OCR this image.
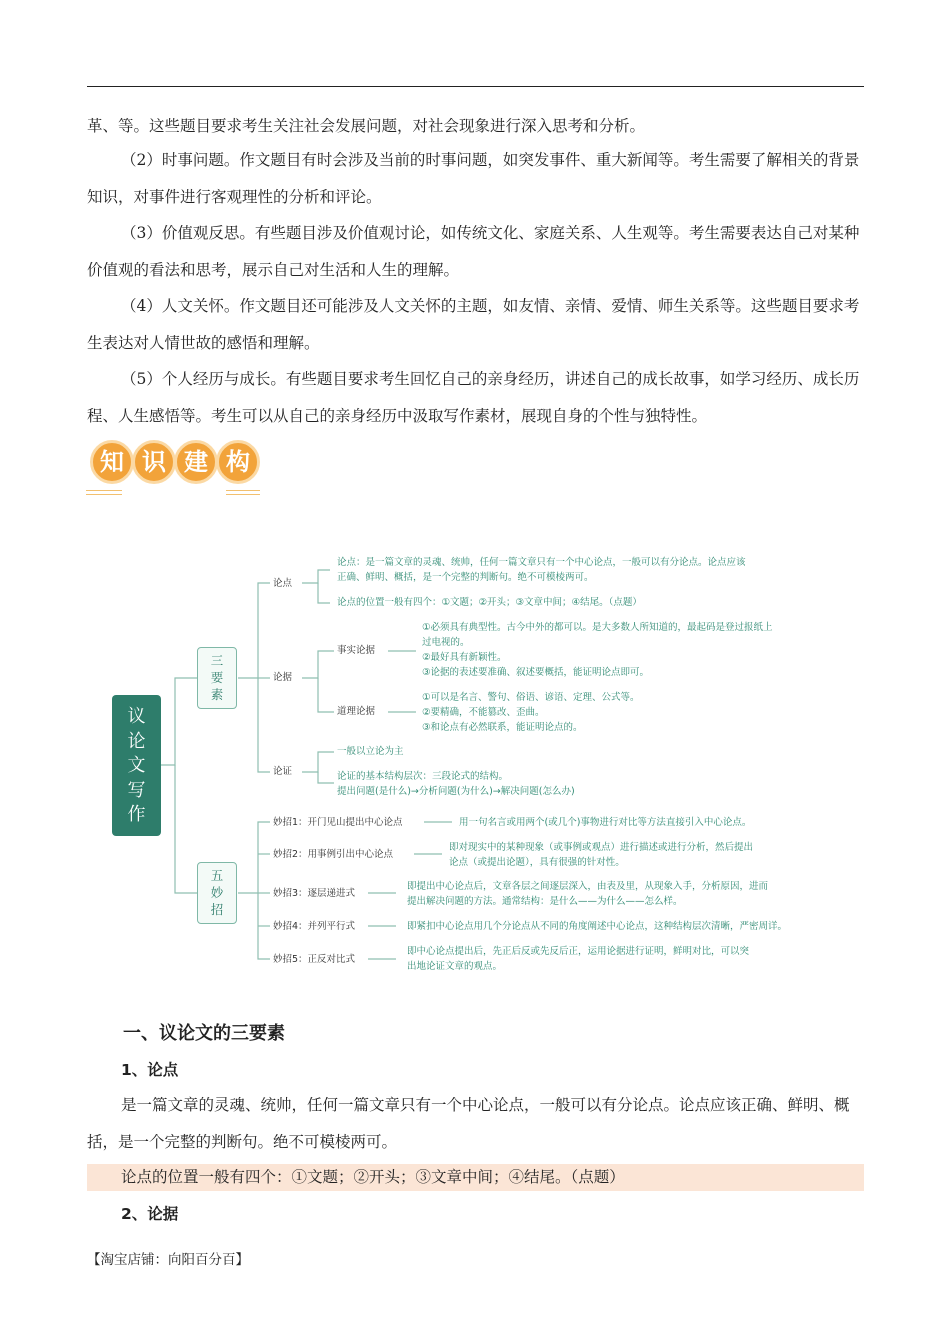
革、等。这些题目要求考生关注社会发展问题，对社会现象进行深入思考和分析。

（2）时事问题。作文题目有时会涉及当前的时事问题，如突发事件、重大新闻等。考生需要了解相关的背景知识，对事件进行客观理性的分析和评论。

（3）价值观反思。有些题目涉及价值观讨论，如传统文化、家庭关系、人生观等。考生需要表达自己对某种价值观的看法和思考，展示自己对生活和人生的理解。

（4）人文关怀。作文题目还可能涉及人文关怀的主题，如友情、亲情、爱情、师生关系等。这些题目要求考生表达对人情世故的感悟和理解。

（5）个人经历与成长。有些题目要求考生回忆自己的亲身经历，讲述自己的成长故事，如学习经历、成长历程、人生感悟等。考生可以从自己的亲身经历中汲取写作素材，展现自身的个性与独特性。

知 识 建 构
议
论
文
写
作
三
要
素
五
妙
招
论点
论据
论证
事实论据
道理论据
妙招1：开门见山提出中心论点
妙招2：用事例引出中心论点
妙招3：逐层递进式
妙招4：并列平行式
妙招5：正反对比式
论点：是一篇文章的灵魂、统帅，任何一篇文章只有一个中心论点，一般可以有分论点。论点应该
正确、鲜明、概括，是一个完整的判断句。绝不可模棱两可。
论点的位置一般有四个：①文题；②开头；③文章中间；④结尾。（点题）
①必须具有典型性。古今中外的都可以。是大多数人所知道的，最起码是登过报纸上
过电视的。
②最好具有新颖性。
③论据的表述要准确、叙述要概括，能证明论点即可。
①可以是名言、警句、俗语、谚语、定理、公式等。
②要精确，不能篡改、歪曲。
③和论点有必然联系，能证明论点的。
一般以立论为主
论证的基本结构层次：三段论式的结构。
提出问题(是什么)→分析问题(为什么)→解决问题(怎么办)
用一句名言或用两个(或几个)事物进行对比等方法直接引入中心论点。
即对现实中的某种现象（或事例或观点）进行描述或进行分析，然后提出
论点（或提出论题），具有很强的针对性。
即提出中心论点后，文章各层之间逐层深入，由表及里，从现象入手，分析原因，进而
提出解决问题的方法。通常结构：是什么——为什么——怎么样。
即紧扣中心论点用几个分论点从不同的角度阐述中心论点，这种结构层次清晰，严密周详。
即中心论点提出后，先正后反或先反后正，运用论据进行证明，鲜明对比，可以突
出地论证文章的观点。
一、议论文的三要素
1、论点

是一篇文章的灵魂、统帅，任何一篇文章只有一个中心论点，一般可以有分论点。论点应该正确、鲜明、概括，是一个完整的判断句。绝不可模棱两可。

论点的位置一般有四个：①文题；②开头；③文章中间；④结尾。（点题）

2、论据
【淘宝店铺：向阳百分百】
